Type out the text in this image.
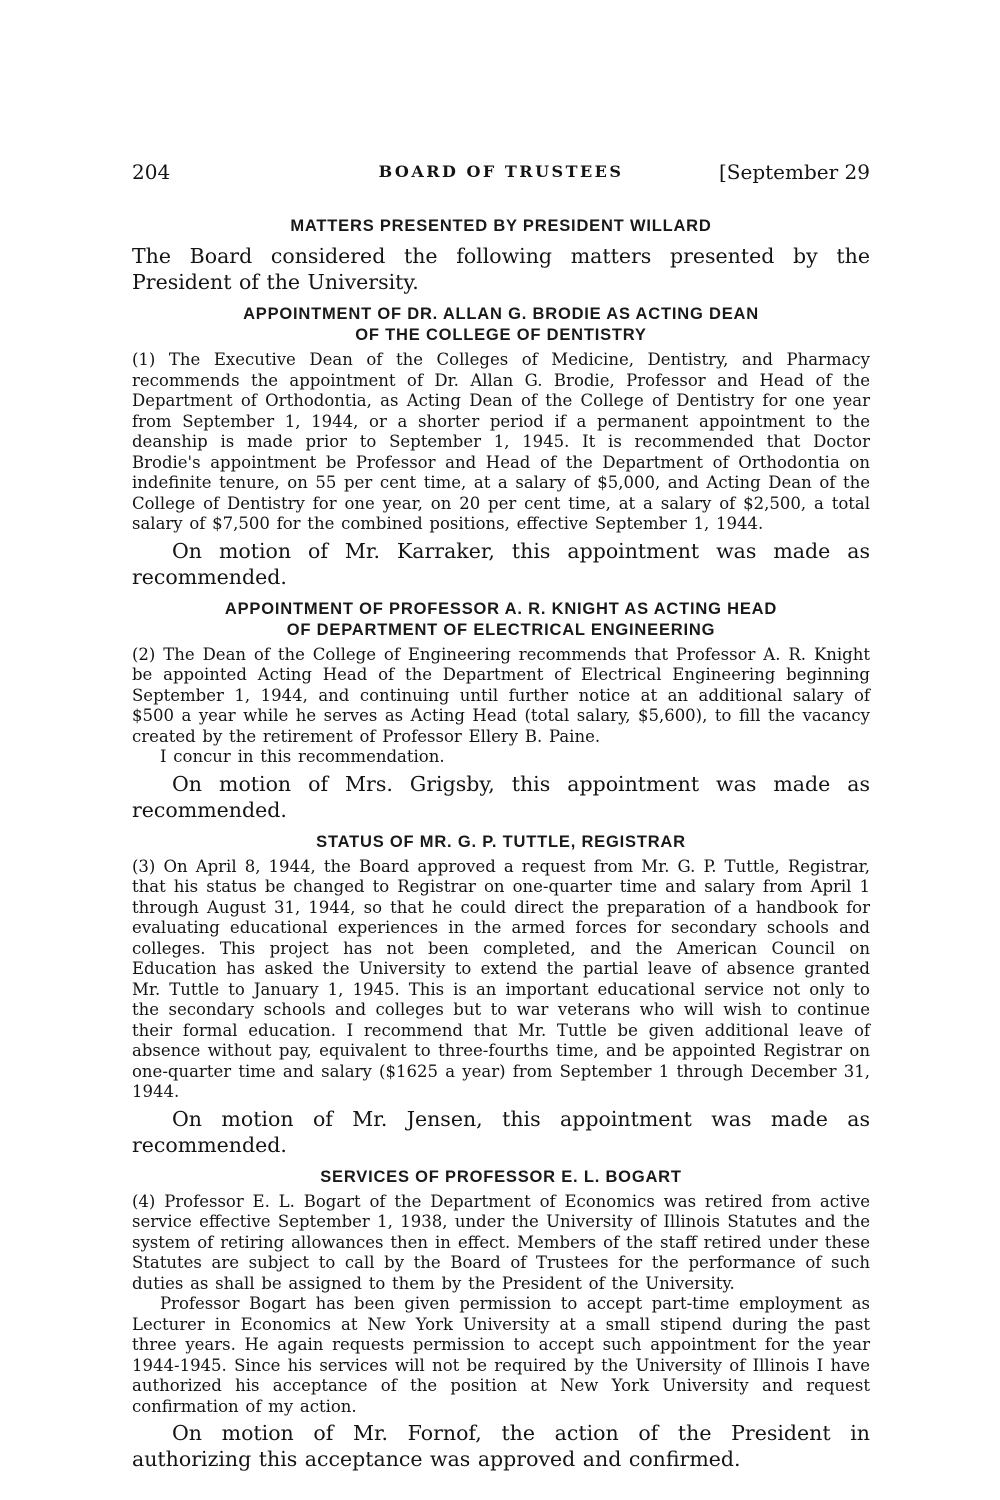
204	BOARD OF TRUSTEES	[September 29
MATTERS PRESENTED BY PRESIDENT WILLARD

The Board considered the following matters presented by the President of the University.

APPOINTMENT OF DR. ALLAN G. BRODIE AS ACTING DEAN
OF THE COLLEGE OF DENTISTRY

(1) The Executive Dean of the Colleges of Medicine, Dentistry, and Pharmacy recommends the appointment of Dr. Allan G. Brodie, Professor and Head of the Department of Orthodontia, as Acting Dean of the College of Dentistry for one year from September 1, 1944, or a shorter period if a permanent appointment to the deanship is made prior to September 1, 1945. It is recommended that Doctor Brodie's appointment be Professor and Head of the Department of Orthodontia on indefinite tenure, on 55 per cent time, at a salary of $5,000, and Acting Dean of the College of Dentistry for one year, on 20 per cent time, at a salary of $2,500, a total salary of $7,500 for the combined positions, effective September 1, 1944.

On motion of Mr. Karraker, this appointment was made as recommended.

APPOINTMENT OF PROFESSOR A. R. KNIGHT AS ACTING HEAD
OF DEPARTMENT OF ELECTRICAL ENGINEERING

(2) The Dean of the College of Engineering recommends that Professor A. R. Knight be appointed Acting Head of the Department of Electrical Engineering beginning September 1, 1944, and continuing until further notice at an additional salary of $500 a year while he serves as Acting Head (total salary, $5,600), to fill the vacancy created by the retirement of Professor Ellery B. Paine.

I concur in this recommendation.

On motion of Mrs. Grigsby, this appointment was made as recommended.

STATUS OF MR. G. P. TUTTLE, REGISTRAR

(3) On April 8, 1944, the Board approved a request from Mr. G. P. Tuttle, Registrar, that his status be changed to Registrar on one-quarter time and salary from April 1 through August 31, 1944, so that he could direct the preparation of a handbook for evaluating educational experiences in the armed forces for secondary schools and colleges. This project has not been completed, and the American Council on Education has asked the University to extend the partial leave of absence granted Mr. Tuttle to January 1, 1945. This is an important educational service not only to the secondary schools and colleges but to war veterans who will wish to continue their formal education. I recommend that Mr. Tuttle be given additional leave of absence without pay, equivalent to three-fourths time, and be appointed Registrar on one-quarter time and salary ($1625 a year) from September 1 through December 31, 1944.

On motion of Mr. Jensen, this appointment was made as recommended.

SERVICES OF PROFESSOR E. L. BOGART

(4) Professor E. L. Bogart of the Department of Economics was retired from active service effective September 1, 1938, under the University of Illinois Statutes and the system of retiring allowances then in effect. Members of the staff retired under these Statutes are subject to call by the Board of Trustees for the performance of such duties as shall be assigned to them by the President of the University.

Professor Bogart has been given permission to accept part-time employment as Lecturer in Economics at New York University at a small stipend during the past three years. He again requests permission to accept such appointment for the year 1944-1945. Since his services will not be required by the University of Illinois I have authorized his acceptance of the position at New York University and request confirmation of my action.

On motion of Mr. Fornof, the action of the President in authorizing this acceptance was approved and confirmed.
